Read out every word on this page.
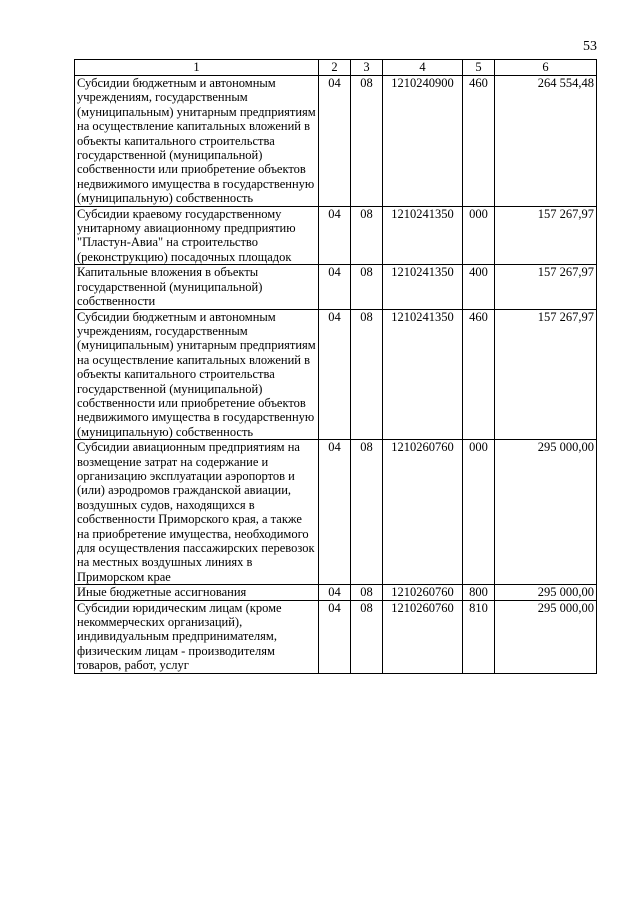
53
1	2	3	4	5	6
Субсидии бюджетным и автономным учреждениям, государственным (муниципальным) унитарным предприятиям на осуществление капитальных вложений в объекты капитального строительства государственной (муниципальной) собственности или приобретение объектов недвижимого имущества в государственную (муниципальную) собственность	04	08	1210240900	460	264 554,48
Субсидии краевому государственному унитарному авиационному предприятию "Пластун-Авиа" на строительство (реконструкцию) посадочных площадок	04	08	1210241350	000	157 267,97
Капитальные вложения в объекты государственной (муниципальной) собственности	04	08	1210241350	400	157 267,97
Субсидии бюджетным и автономным учреждениям, государственным (муниципальным) унитарным предприятиям на осуществление капитальных вложений в объекты капитального строительства государственной (муниципальной) собственности или приобретение объектов недвижимого имущества в государственную (муниципальную) собственность	04	08	1210241350	460	157 267,97
Субсидии авиационным предприятиям на возмещение затрат на содержание и организацию эксплуатации аэропортов и (или) аэродромов гражданской авиации, воздушных судов, находящихся в собственности Приморского края, а также на приобретение имущества, необходимого для осуществления пассажирских перевозок на местных воздушных линиях в Приморском крае	04	08	1210260760	000	295 000,00
Иные бюджетные ассигнования	04	08	1210260760	800	295 000,00
Субсидии юридическим лицам (кроме некоммерческих организаций), индивидуальным предпринимателям, физическим лицам - производителям товаров, работ, услуг	04	08	1210260760	810	295 000,00
